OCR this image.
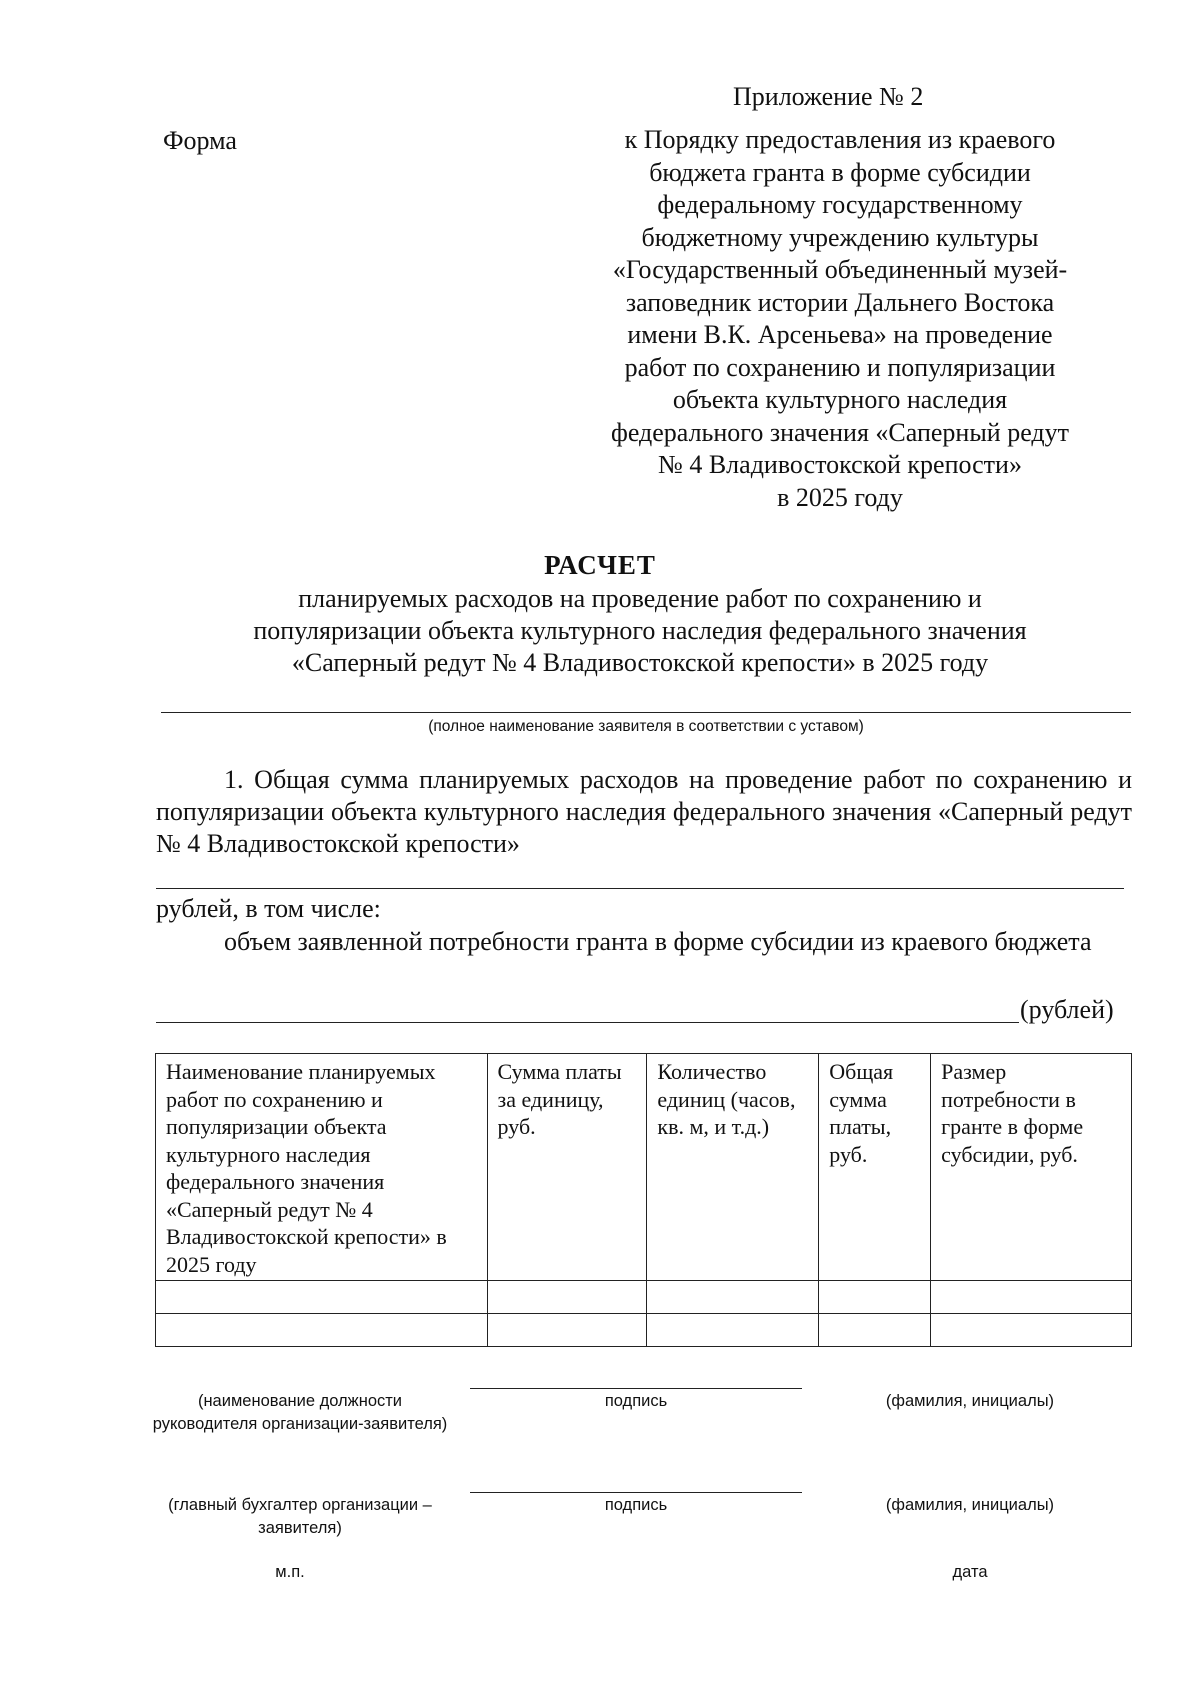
Приложение № 2
Форма	к Порядку предоставления из краевого
бюджета гранта в форме субсидии
федеральному государственному
бюджетному учреждению культуры
«Государственный объединенный музей-
заповедник истории Дальнего Востока
имени В.К. Арсеньева» на проведение
работ по сохранению и популяризации
объекта культурного наследия
федерального значения «Саперный редут
№ 4 Владивостокской крепости»
в 2025 году
РАСЧЕТ
планируемых расходов на проведение работ по сохранению и
популяризации объекта культурного наследия федерального значения
«Саперный редут № 4 Владивостокской крепости» в 2025 году
(полное наименование заявителя в соответствии с уставом)
1. Общая сумма планируемых расходов на проведение работ по сохранению и популяризации объекта культурного наследия федерального значения «Саперный редут № 4 Владивостокской крепости»
рублей, в том числе:
объем заявленной потребности гранта в форме субсидии из краевого бюджета
(рублей)
Наименование планируемых работ по сохранению и популяризации объекта культурного наследия федерального значения «Саперный редут № 4 Владивостокской крепости» в 2025 году	Сумма платы за единицу, руб.	Количество единиц (часов, кв. м, и т.д.)	Общая сумма платы, руб.	Размер потребности в гранте в форме субсидии, руб.

(наименование должности руководителя организации-заявителя)
подпись	(фамилия, инициалы)
(главный бухгалтер организации – заявителя)
подпись	(фамилия, инициалы)
м.п.	дата
